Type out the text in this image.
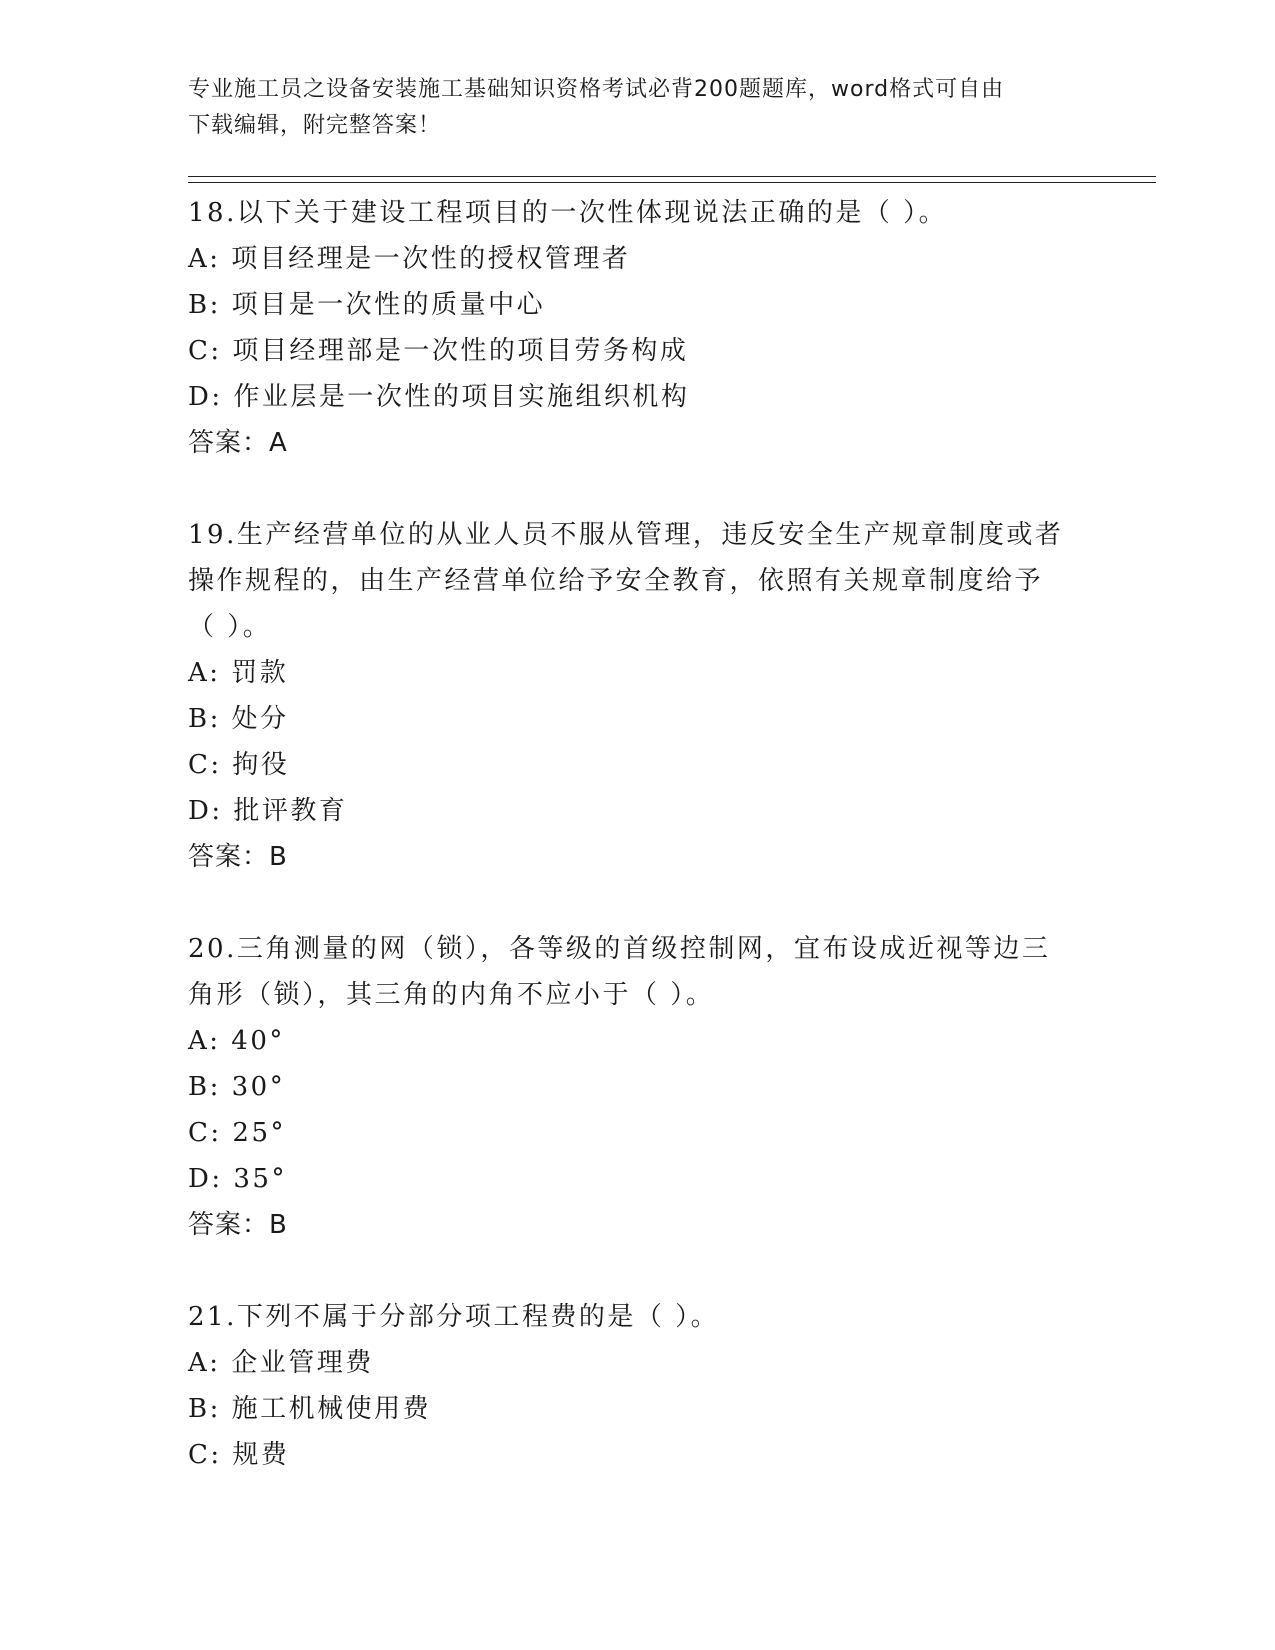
专业施工员之设备安装施工基础知识资格考试必背200题题库，word格式可自由
下载编辑，附完整答案！

18.以下关于建设工程项目的一次性体现说法正确的是（ ）。

A: 项目经理是一次性的授权管理者

B: 项目是一次性的质量中心

C: 项目经理部是一次性的项目劳务构成

D: 作业层是一次性的项目实施组织机构

答案：A

19.生产经营单位的从业人员不服从管理，违反安全生产规章制度或者

操作规程的，由生产经营单位给予安全教育，依照有关规章制度给予

（ ）。

A: 罚款

B: 处分

C: 拘役

D: 批评教育

答案：B

20.三角测量的网（锁），各等级的首级控制网，宜布设成近视等边三

角形（锁），其三角的内角不应小于（ ）。

A: 40°

B: 30°

C: 25°

D: 35°

答案：B

21.下列不属于分部分项工程费的是（ ）。

A: 企业管理费

B: 施工机械使用费

C: 规费
